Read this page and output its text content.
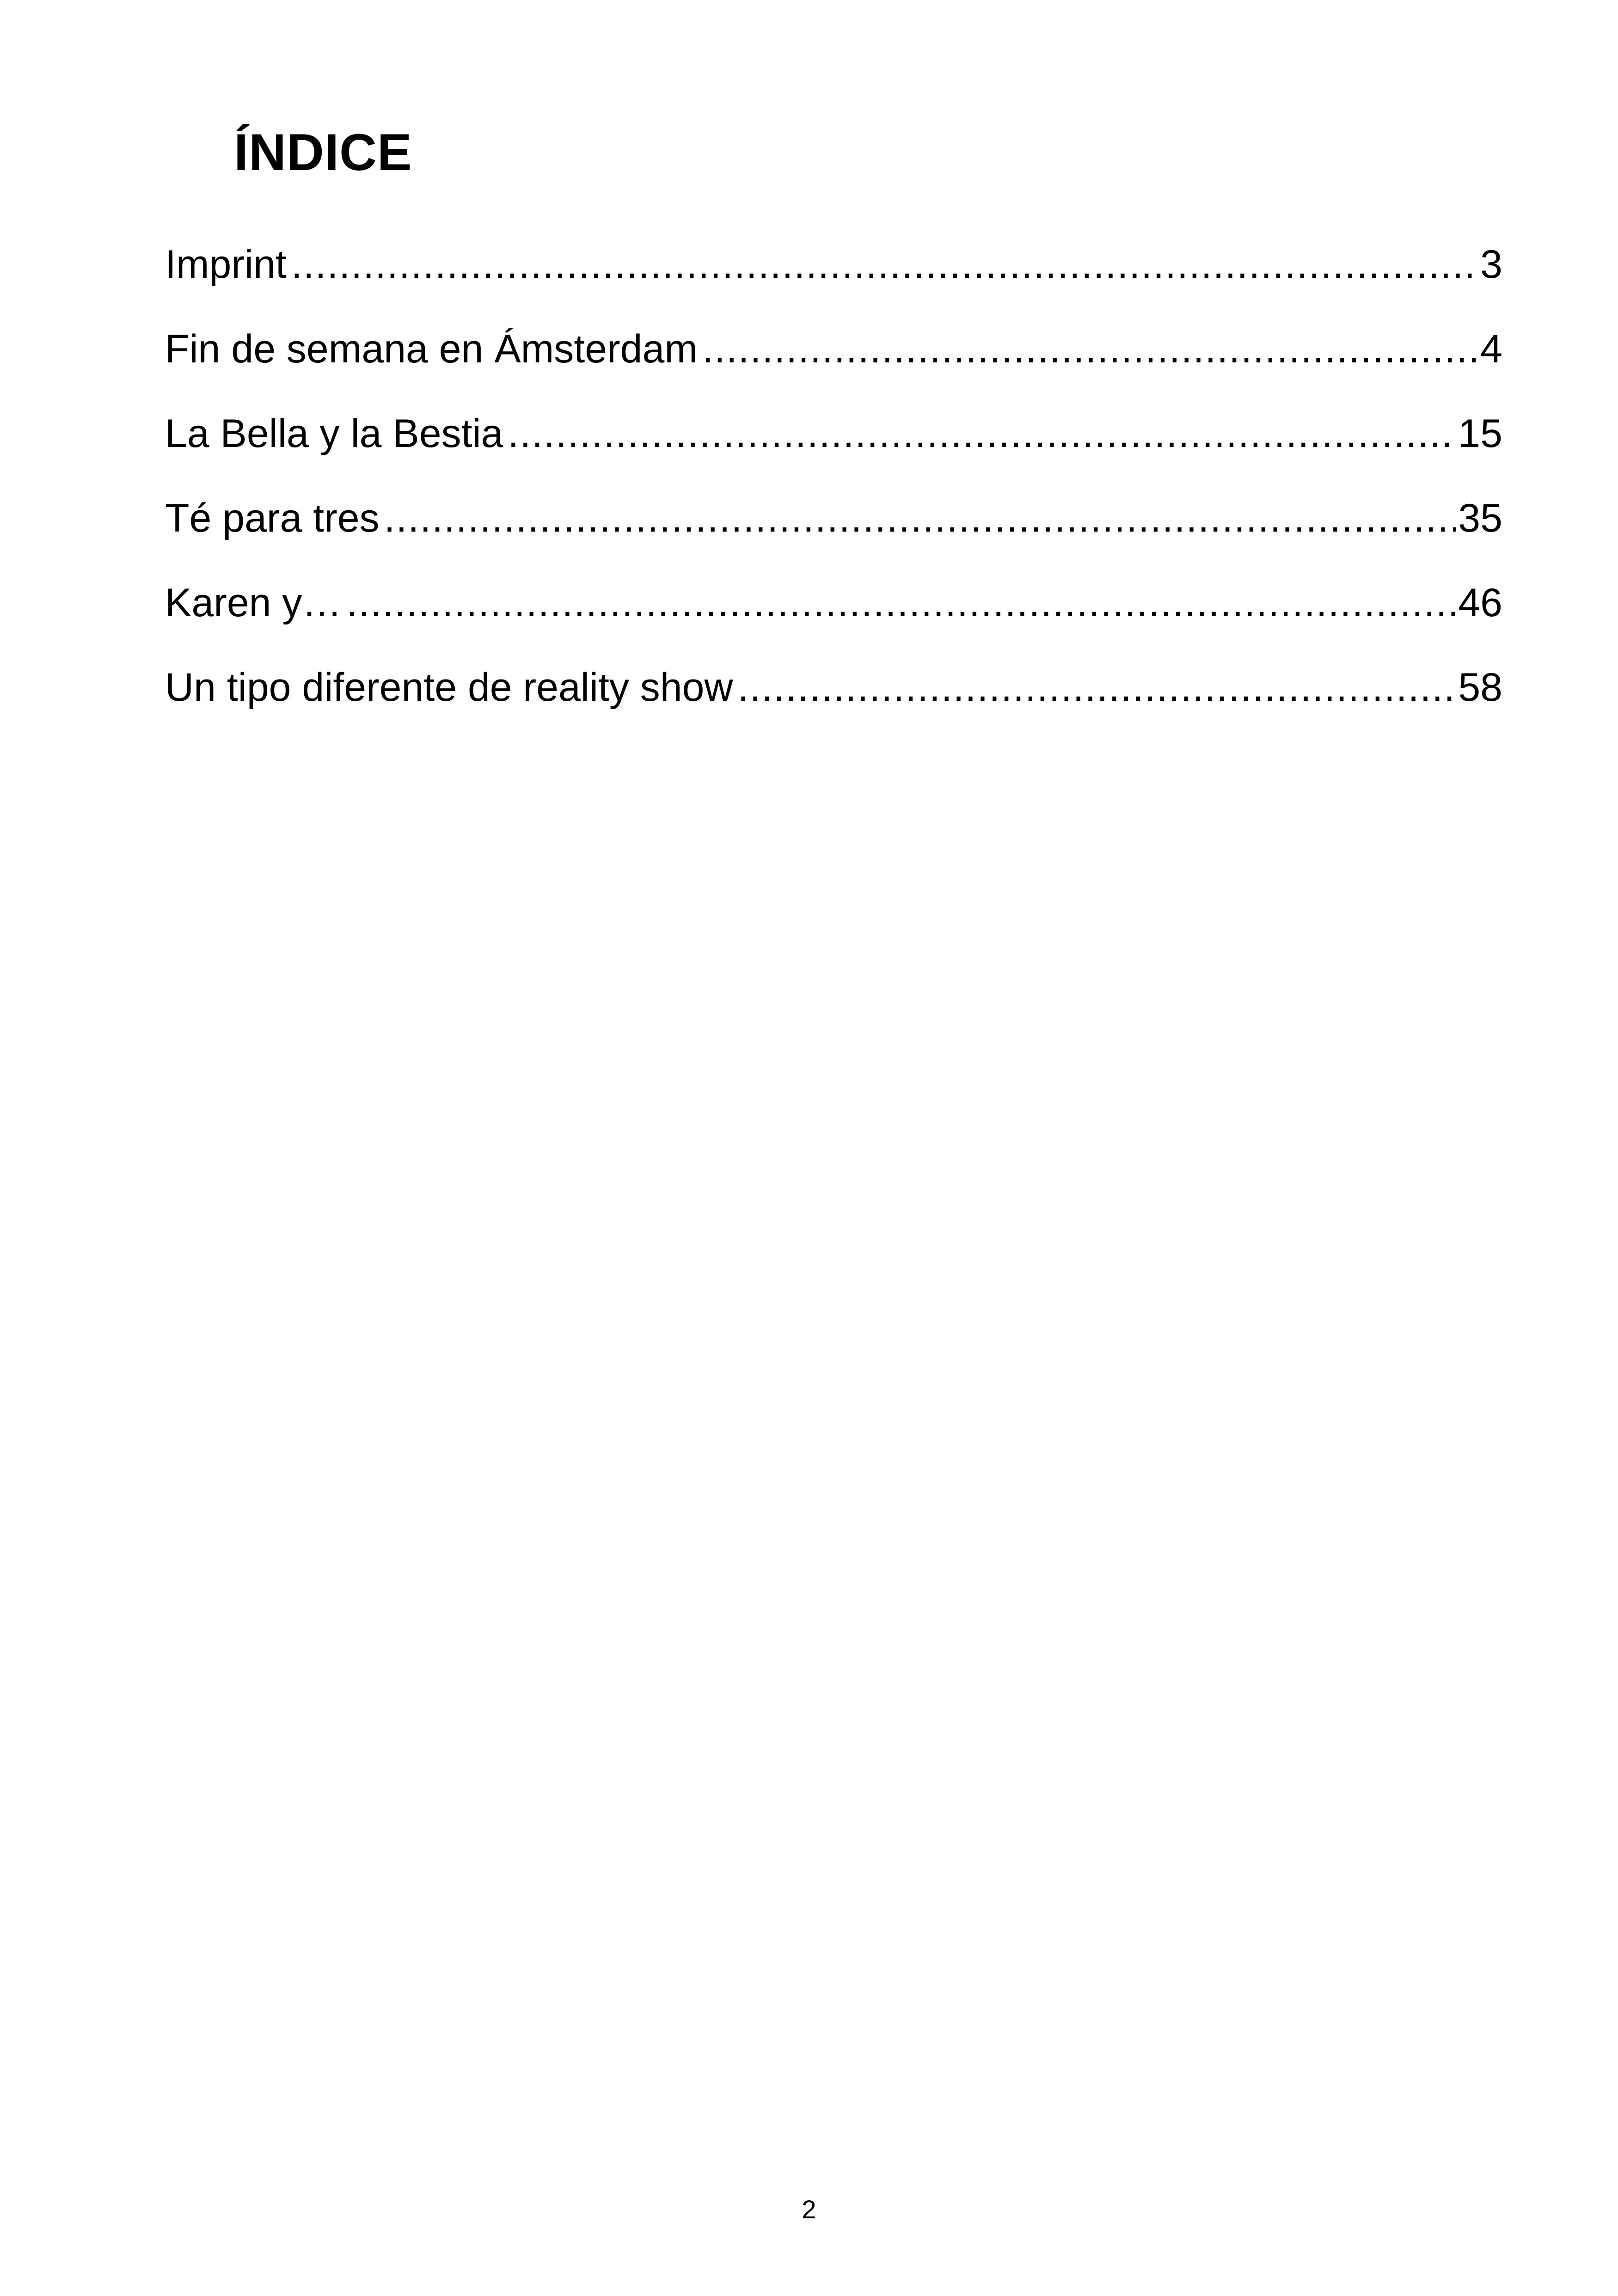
ÍNDICE
Imprint .....	3
Fin de semana en Ámsterdam .....	4
La Bella y la Bestia .....	15
Té para tres .....	35
Karen y… .....	46
Un tipo diferente de reality show .....	58
2
